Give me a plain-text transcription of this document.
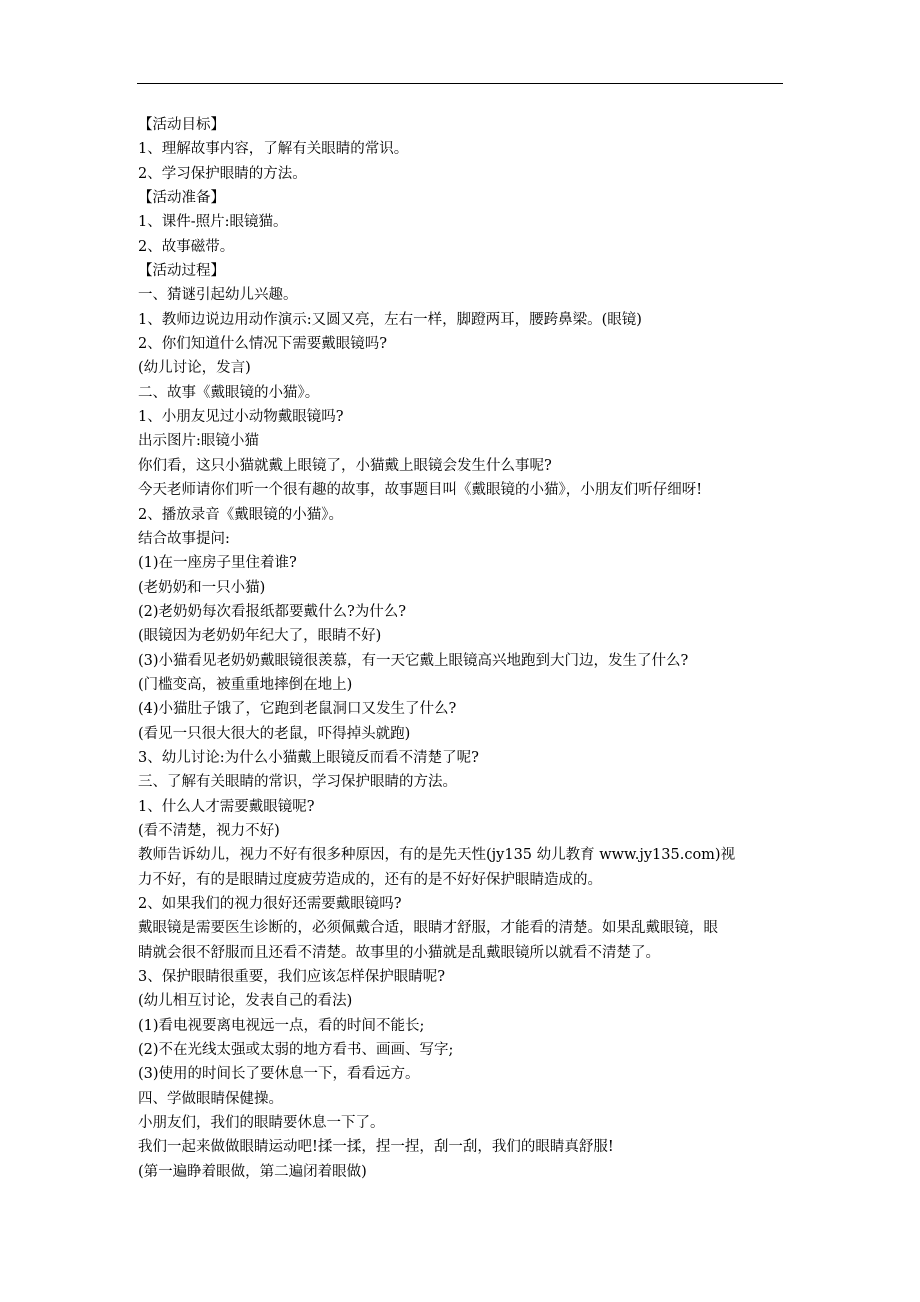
【活动目标】

1、理解故事内容，了解有关眼睛的常识。

2、学习保护眼睛的方法。

【活动准备】

1、课件-照片:眼镜猫。

2、故事磁带。

【活动过程】

一、猜谜引起幼儿兴趣。

1、教师边说边用动作演示:又圆又亮，左右一样，脚蹬两耳，腰跨鼻梁。(眼镜)

2、你们知道什么情况下需要戴眼镜吗?

(幼儿讨论，发言)

二、故事《戴眼镜的小猫》。

1、小朋友见过小动物戴眼镜吗?

出示图片:眼镜小猫

你们看，这只小猫就戴上眼镜了，小猫戴上眼镜会发生什么事呢?

今天老师请你们听一个很有趣的故事，故事题目叫《戴眼镜的小猫》，小朋友们听仔细呀!

2、播放录音《戴眼镜的小猫》。

结合故事提问:

(1)在一座房子里住着谁?

(老奶奶和一只小猫)

(2)老奶奶每次看报纸都要戴什么?为什么?

(眼镜因为老奶奶年纪大了，眼睛不好)

(3)小猫看见老奶奶戴眼镜很羡慕，有一天它戴上眼镜高兴地跑到大门边，发生了什么?

(门槛变高，被重重地摔倒在地上)

(4)小猫肚子饿了，它跑到老鼠洞口又发生了什么?

(看见一只很大很大的老鼠，吓得掉头就跑)

3、幼儿讨论:为什么小猫戴上眼镜反而看不清楚了呢?

三、了解有关眼睛的常识，学习保护眼睛的方法。

1、什么人才需要戴眼镜呢?

(看不清楚，视力不好)

教师告诉幼儿，视力不好有很多种原因，有的是先天性(jy135 幼儿教育 www.jy135.com)视

力不好，有的是眼睛过度疲劳造成的，还有的是不好好保护眼睛造成的。

2、如果我们的视力很好还需要戴眼镜吗?

戴眼镜是需要医生诊断的，必须佩戴合适，眼睛才舒服，才能看的清楚。如果乱戴眼镜，眼

睛就会很不舒服而且还看不清楚。故事里的小猫就是乱戴眼镜所以就看不清楚了。

3、保护眼睛很重要，我们应该怎样保护眼睛呢?

(幼儿相互讨论，发表自己的看法)

(1)看电视要离电视远一点，看的时间不能长;

(2)不在光线太强或太弱的地方看书、画画、写字;

(3)使用的时间长了要休息一下，看看远方。

四、学做眼睛保健操。

小朋友们，我们的眼睛要休息一下了。

我们一起来做做眼睛运动吧!揉一揉，捏一捏，刮一刮，我们的眼睛真舒服!

(第一遍睁着眼做，第二遍闭着眼做)
